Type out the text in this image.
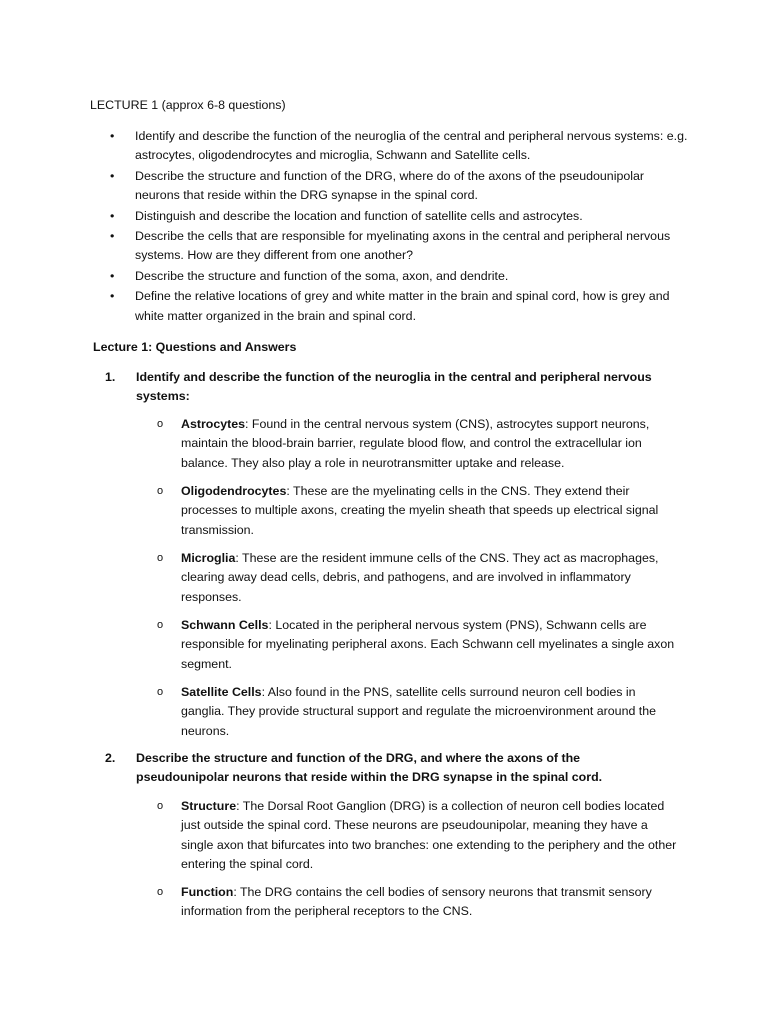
LECTURE 1 (approx 6-8 questions)
• Identify and describe the function of the neuroglia of the central and peripheral nervous systems: e.g. astrocytes, oligodendrocytes and microglia, Schwann and Satellite cells.
• Describe the structure and function of the DRG, where do of the axons of the pseudounipolar neurons that reside within the DRG synapse in the spinal cord.
• Distinguish and describe the location and function of satellite cells and astrocytes.
• Describe the cells that are responsible for myelinating axons in the central and peripheral nervous systems. How are they different from one another?
• Describe the structure and function of the soma, axon, and dendrite.
• Define the relative locations of grey and white matter in the brain and spinal cord, how is grey and white matter organized in the brain and spinal cord.
Lecture 1: Questions and Answers
1.	Identify and describe the function of the neuroglia in the central and peripheral nervous systems:
o	Astrocytes: Found in the central nervous system (CNS), astrocytes support neurons, maintain the blood-brain barrier, regulate blood flow, and control the extracellular ion balance. They also play a role in neurotransmitter uptake and release.
o	Oligodendrocytes: These are the myelinating cells in the CNS. They extend their processes to multiple axons, creating the myelin sheath that speeds up electrical signal transmission.
o	Microglia: These are the resident immune cells of the CNS. They act as macrophages, clearing away dead cells, debris, and pathogens, and are involved in inflammatory responses.
o	Schwann Cells: Located in the peripheral nervous system (PNS), Schwann cells are responsible for myelinating peripheral axons. Each Schwann cell myelinates a single axon segment.
o	Satellite Cells: Also found in the PNS, satellite cells surround neuron cell bodies in ganglia. They provide structural support and regulate the microenvironment around the neurons.
2.	Describe the structure and function of the DRG, and where the axons of the pseudounipolar neurons that reside within the DRG synapse in the spinal cord.
o	Structure: The Dorsal Root Ganglion (DRG) is a collection of neuron cell bodies located just outside the spinal cord. These neurons are pseudounipolar, meaning they have a single axon that bifurcates into two branches: one extending to the periphery and the other entering the spinal cord.
o	Function: The DRG contains the cell bodies of sensory neurons that transmit sensory information from the peripheral receptors to the CNS.
